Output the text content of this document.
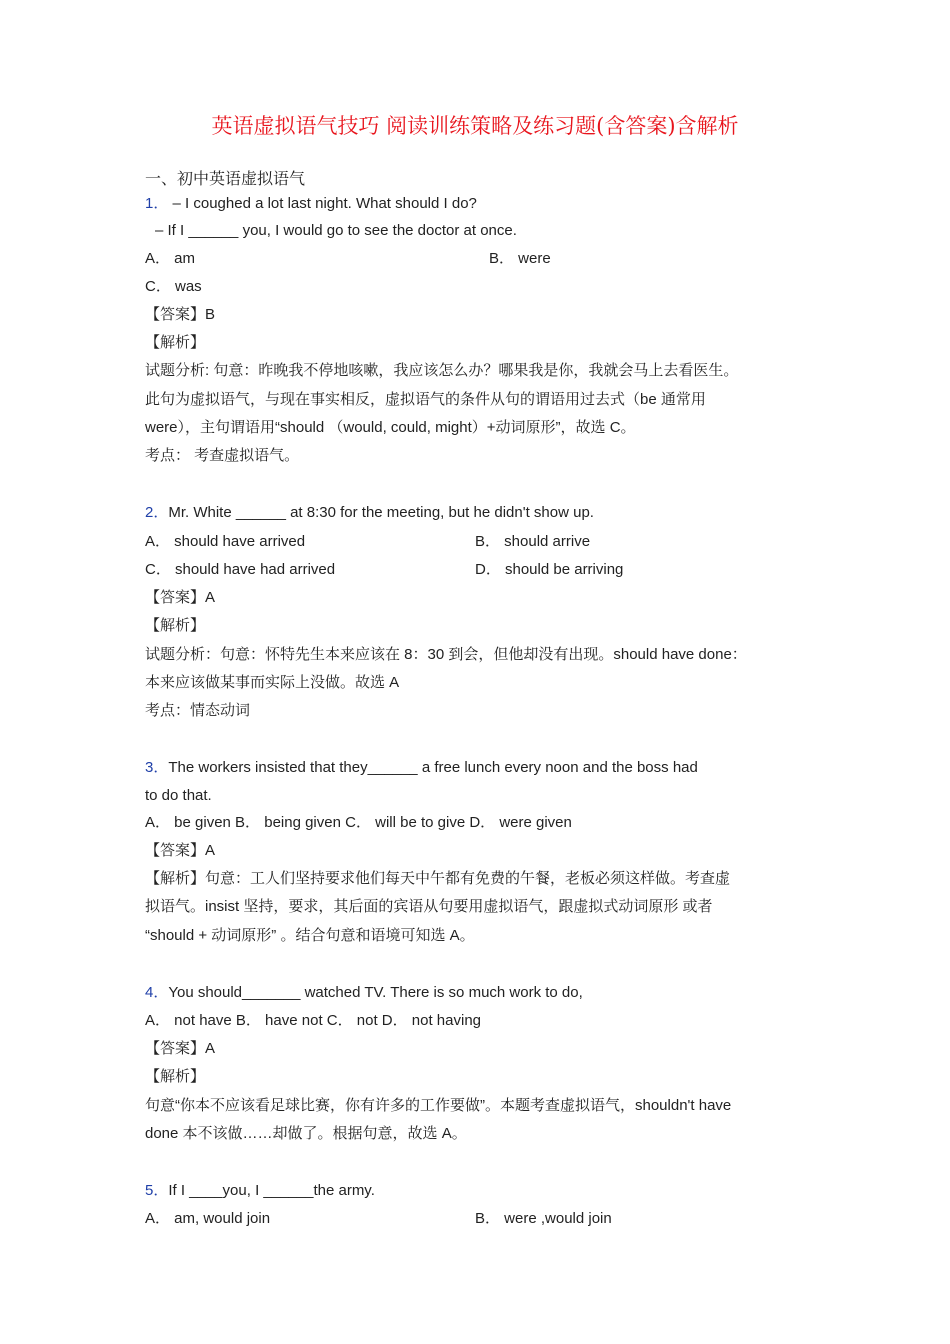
英语虚拟语气技巧 阅读训练策略及练习题(含答案)含解析
一、初中英语虚拟语气
1． – I coughed a lot last night. What should I do?
– If I ______ you, I would go to see the doctor at once.
A． am	B． were
C． was
【答案】B
【解析】
试题分析: 句意：昨晚我不停地咳嗽，我应该怎么办？哪果我是你，我就会马上去看医生。
此句为虚拟语气，与现在事实相反，虚拟语气的条件从句的谓语用过去式（be 通常用
were），主句谓语用“should （would, could, might）+动词原形”，故选 C。
考点： 考查虚拟语气。
2．Mr. White ______ at 8:30 for the meeting, but he didn't show up.
A． should have arrived	B． should arrive
C． should have had arrived	D． should be arriving
【答案】A
【解析】
试题分析：句意：怀特先生本来应该在 8：30 到会，但他却没有出现。should have done：
本来应该做某事而实际上没做。故选 A
考点：情态动词
3．The workers insisted that they______ a free lunch every noon and the boss had
to do that.
A． be given B． being given C． will be to give D． were given
【答案】A
【解析】句意：工人们坚持要求他们每天中午都有免费的午餐，老板必须这样做。考查虚
拟语气。insist 坚持，要求，其后面的宾语从句要用虚拟语气，跟虚拟式动词原形 或者
“should + 动词原形” 。结合句意和语境可知选 A。
4．You should_______ watched TV. There is so much work to do,
A． not have B． have not C． not D． not having
【答案】A
【解析】
句意“你本不应该看足球比赛，你有许多的工作要做”。本题考查虚拟语气，shouldn't have
done 本不该做……却做了。根据句意，故选 A。
5．If I ____you, I ______the army.
A． am, would join	B． were ,would join
